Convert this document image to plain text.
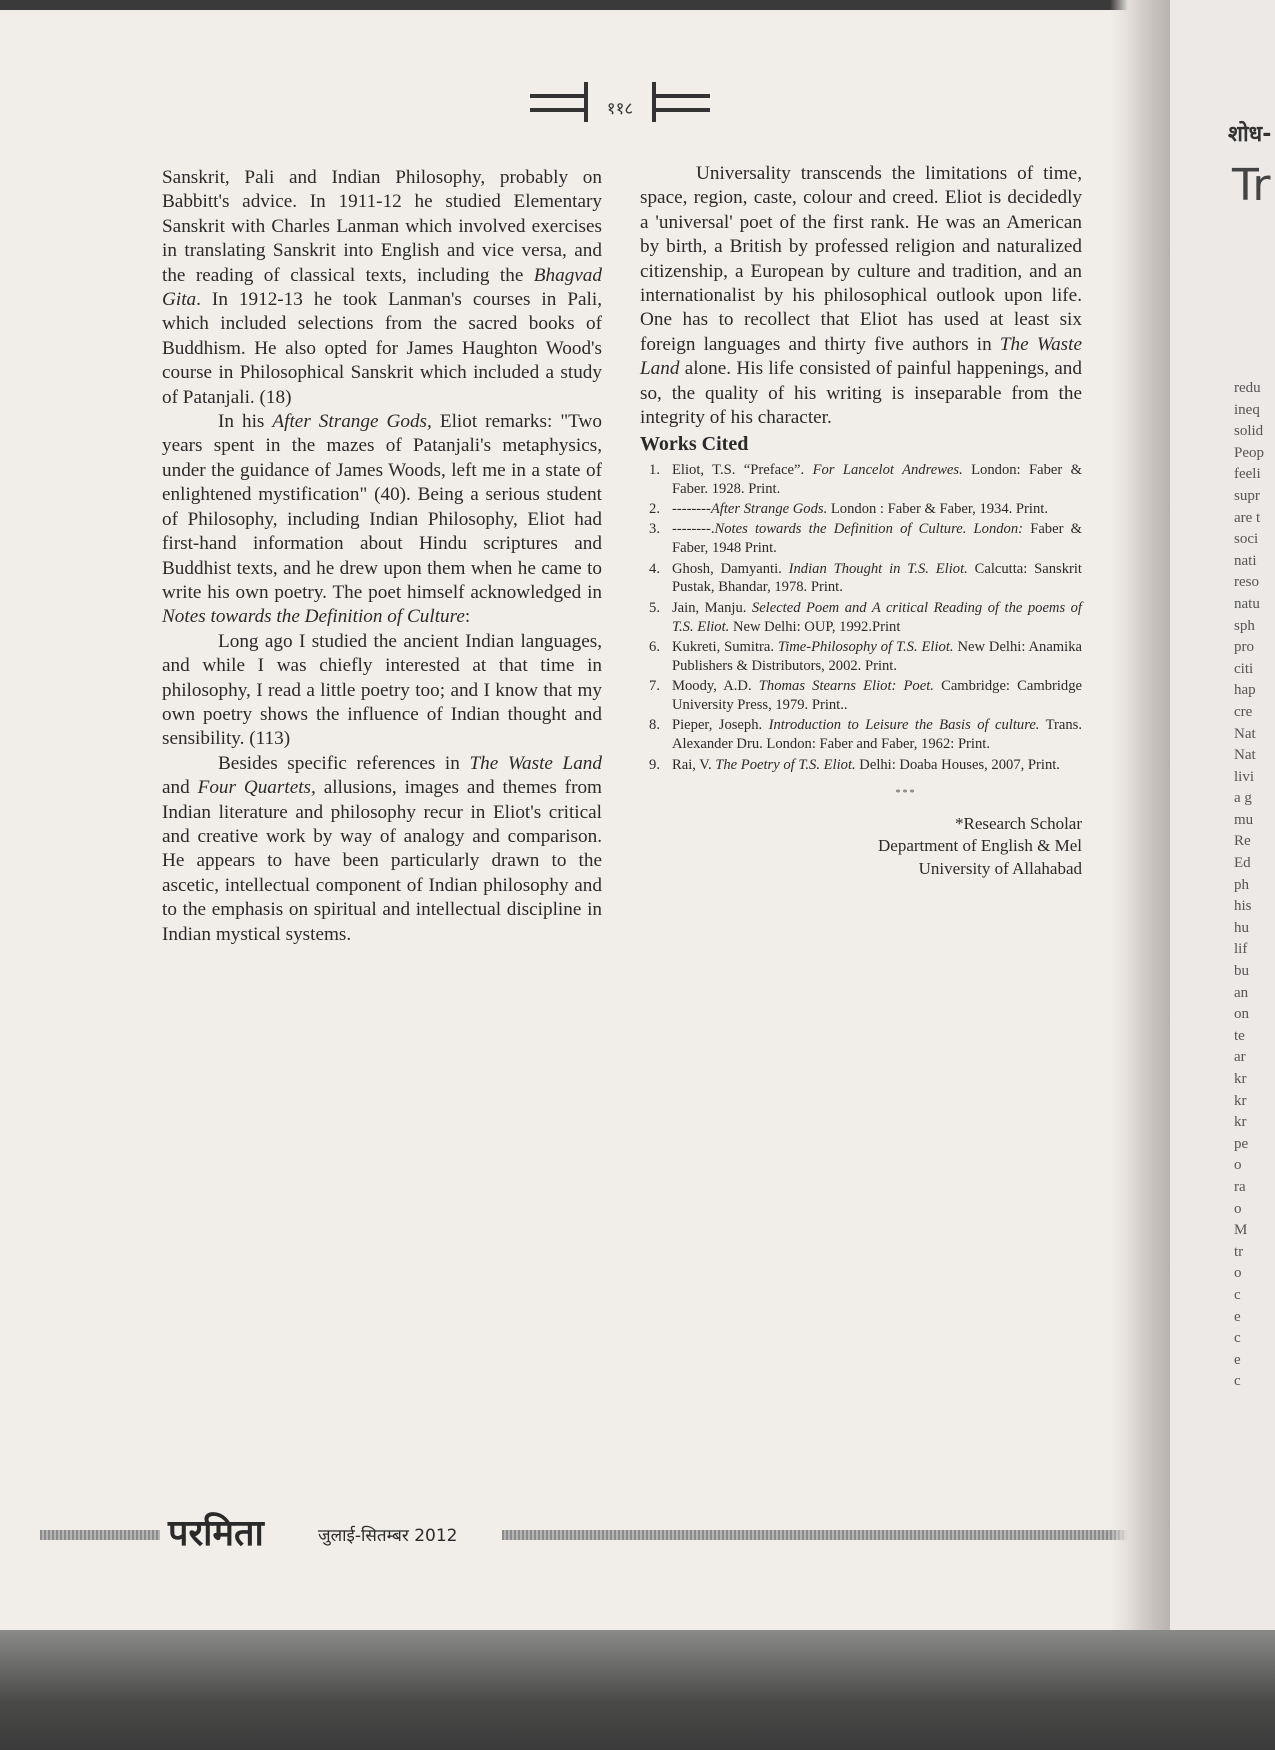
११८

Sanskrit, Pali and Indian Philosophy, probably on Babbitt's advice. In 1911-12 he studied Elementary Sanskrit with Charles Lanman which involved exercises in translating Sanskrit into English and vice versa, and the reading of classical texts, including the Bhagvad Gita. In 1912-13 he took Lanman's courses in Pali, which included selections from the sacred books of Buddhism. He also opted for James Haughton Wood's course in Philosophical Sanskrit which included a study of Patanjali. (18)

In his After Strange Gods, Eliot remarks: "Two years spent in the mazes of Patanjali's metaphysics, under the guidance of James Woods, left me in a state of enlightened mystification" (40). Being a serious student of Philosophy, including Indian Philosophy, Eliot had first-hand information about Hindu scriptures and Buddhist texts, and he drew upon them when he came to write his own poetry. The poet himself acknowledged in Notes towards the Definition of Culture:

Long ago I studied the ancient Indian languages, and while I was chiefly interested at that time in philosophy, I read a little poetry too; and I know that my own poetry shows the influence of Indian thought and sensibility. (113)

Besides specific references in The Waste Land and Four Quartets, allusions, images and themes from Indian literature and philosophy recur in Eliot's critical and creative work by way of analogy and comparison. He appears to have been particularly drawn to the ascetic, intellectual component of Indian philosophy and to the emphasis on spiritual and intellectual discipline in Indian mystical systems.

Universality transcends the limitations of time, space, region, caste, colour and creed. Eliot is decidedly a 'universal' poet of the first rank. He was an American by birth, a British by professed religion and naturalized citizenship, a European by culture and tradition, and an internationalist by his philosophical outlook upon life. One has to recollect that Eliot has used at least six foreign languages and thirty five authors in The Waste Land alone. His life consisted of painful happenings, and so, the quality of his writing is inseparable from the integrity of his character.

Works Cited
1. Eliot, T.S. “Preface”. For Lancelot Andrewes. London: Faber & Faber. 1928. Print.
2. --------After Strange Gods. London : Faber & Faber, 1934. Print.
3. --------.Notes towards the Definition of Culture. London: Faber & Faber, 1948 Print.
4. Ghosh, Damyanti. Indian Thought in T.S. Eliot. Calcutta: Sanskrit Pustak, Bhandar, 1978. Print.
5. Jain, Manju. Selected Poem and A critical Reading of the poems of T.S. Eliot. New Delhi: OUP, 1992.Print
6. Kukreti, Sumitra. Time-Philosophy of T.S. Eliot. New Delhi: Anamika Publishers & Distributors, 2002. Print.
7. Moody, A.D. Thomas Stearns Eliot: Poet. Cambridge: Cambridge University Press, 1979. Print..
8. Pieper, Joseph. Introduction to Leisure the Basis of culture. Trans. Alexander Dru. London: Faber and Faber, 1962: Print.
9. Rai, V. The Poetry of T.S. Eliot. Delhi: Doaba Houses, 2007, Print.
***
*Research Scholar
Department of English & Mel
University of Allahabad
परमिता	जुलाई-सितम्बर 2012
शोध-
Tr
redu
ineq
solid
Peop
feeli
supr
are t
soci
nati
reso
natu
sph
pro
citi
hap
cre
Nat
Nat
livi
a g
mu
Re
Ed
ph
his
hu
lif
bu
an
on
te
ar
kr
kr
kr
pe
o
ra
o
M
tr
o
c
e
c
e
c
